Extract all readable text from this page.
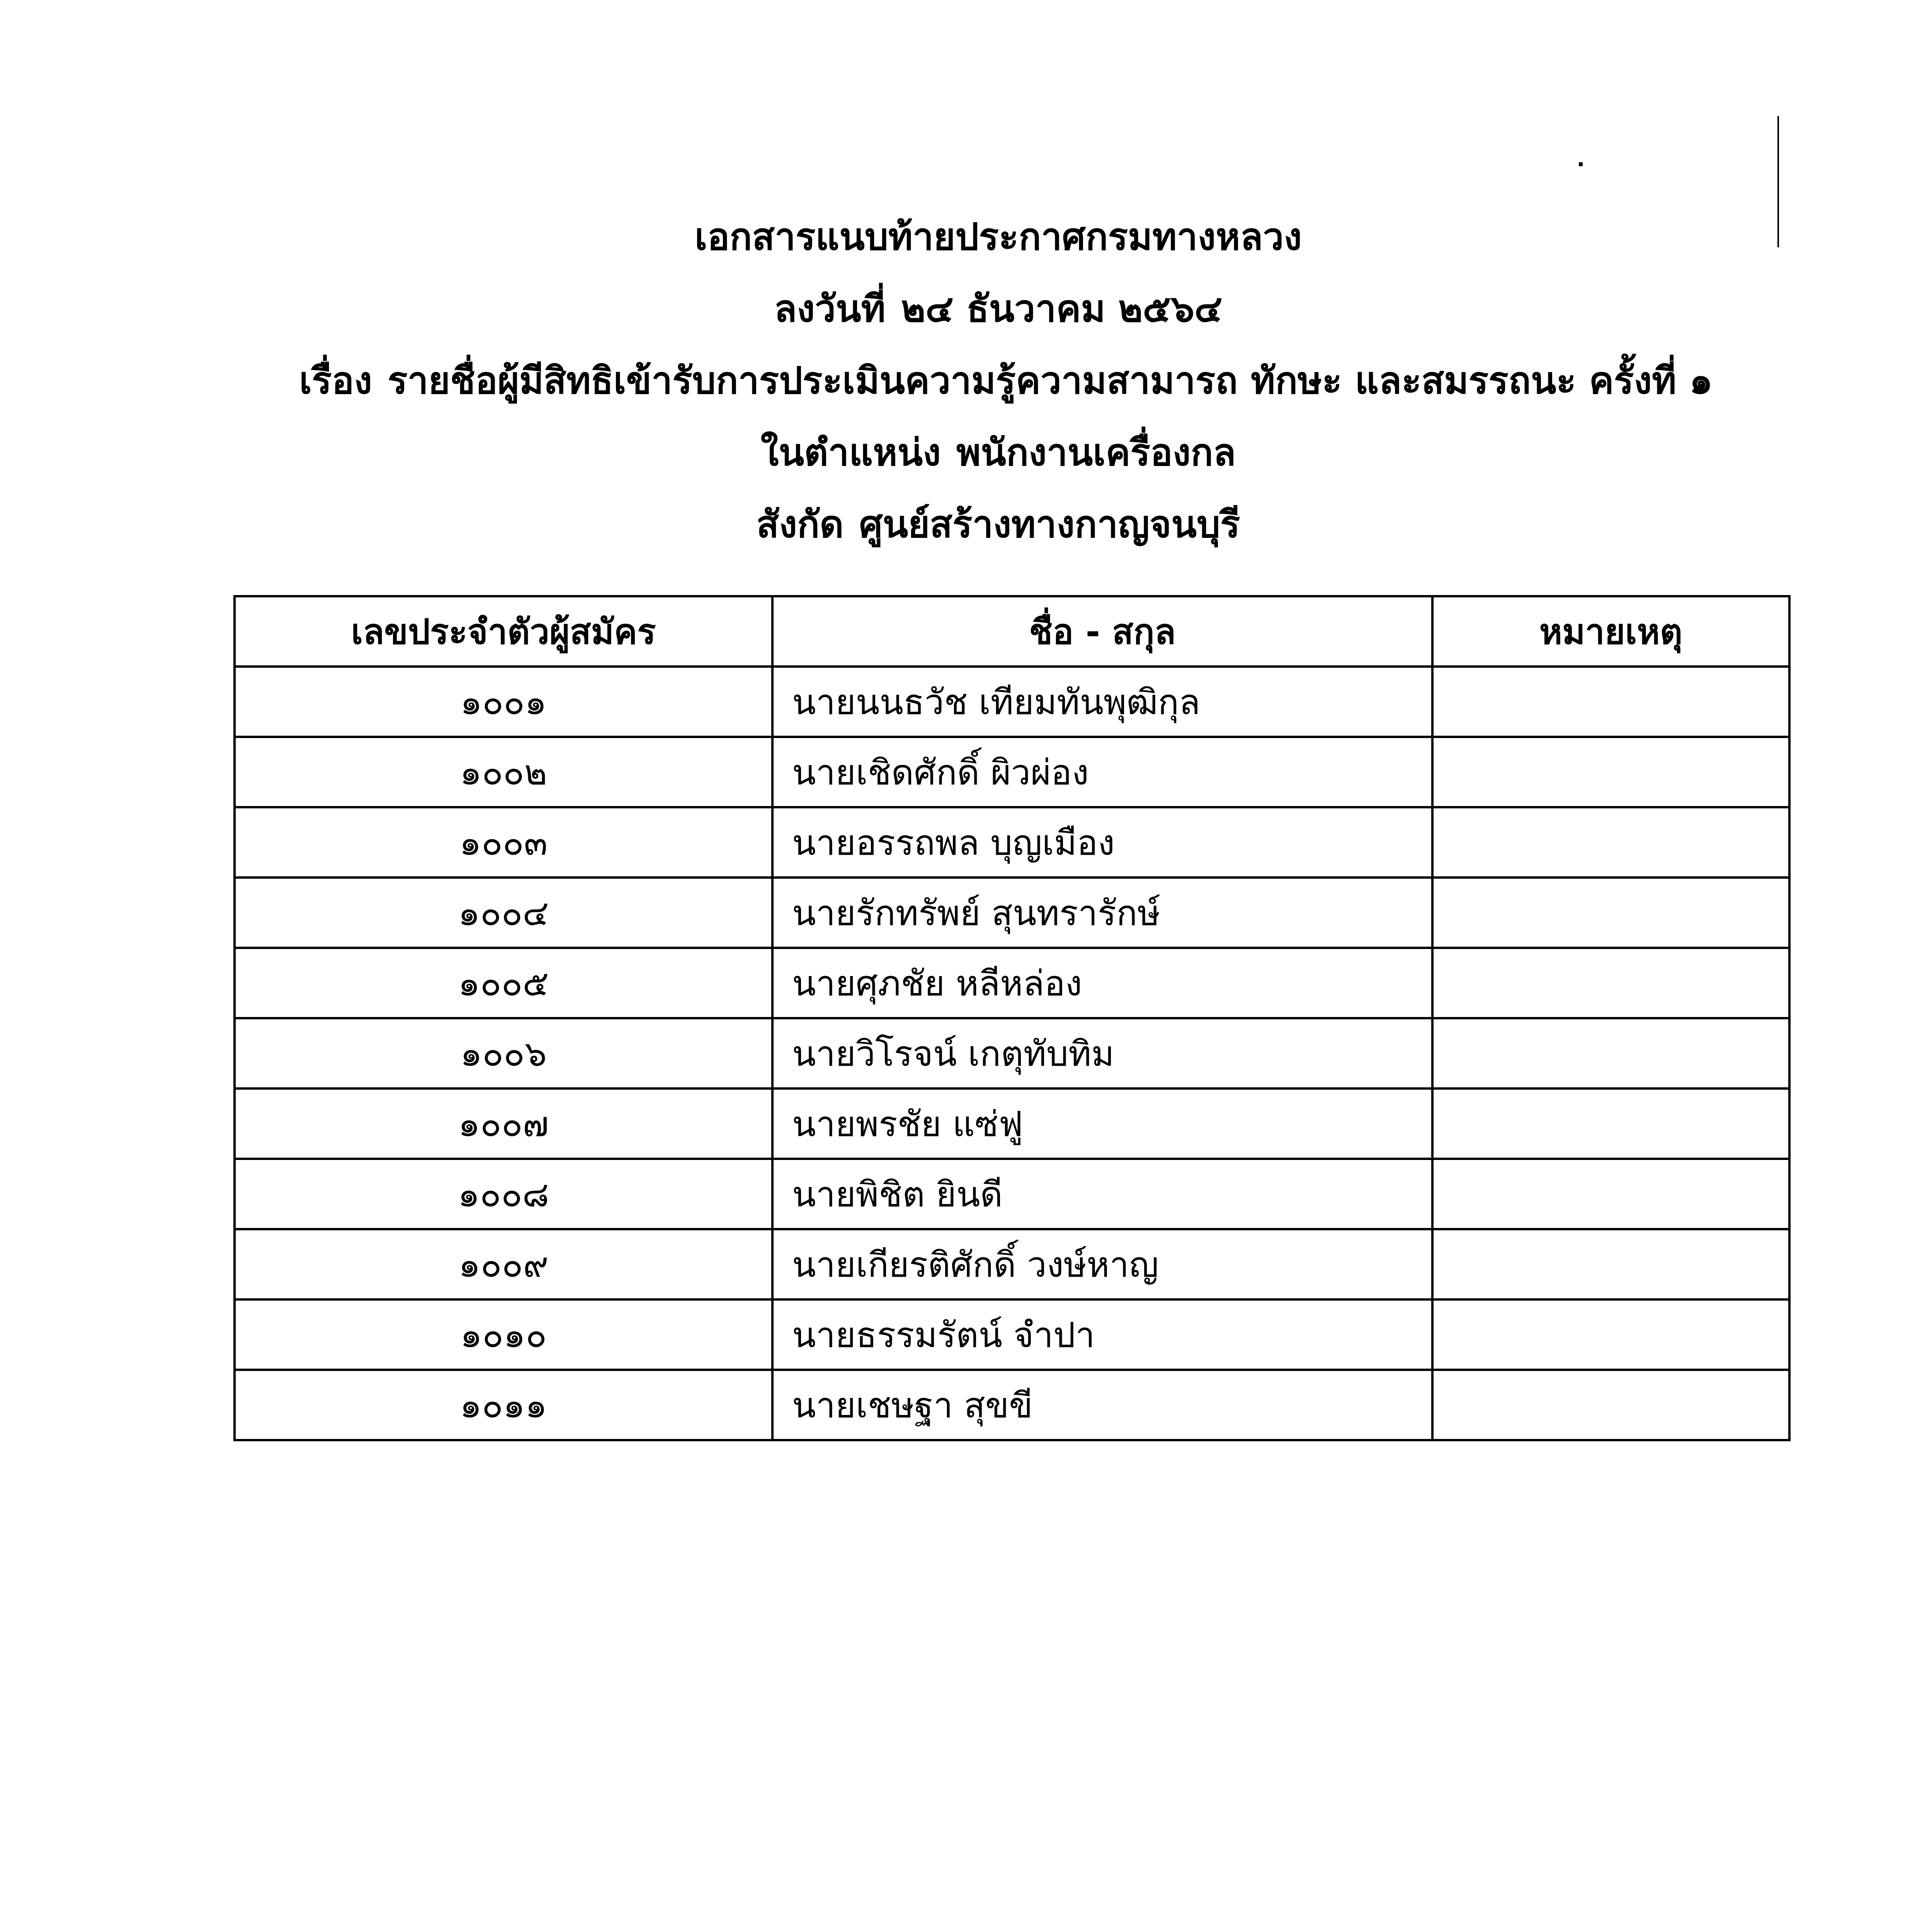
เอกสารแนบท้ายประกาศกรมทางหลวง
ลงวันที่ ๒๔ ธันวาคม ๒๕๖๔
เรื่อง รายชื่อผู้มีสิทธิเข้ารับการประเมินความรู้ความสามารถ ทักษะ และสมรรถนะ ครั้งที่ ๑
ในตำแหน่ง พนักงานเครื่องกล
สังกัด ศูนย์สร้างทางกาญจนบุรี
เลขประจำตัวผู้สมัคร	ชื่อ - สกุล	หมายเหตุ
๑๐๐๑	นายนนธวัช เทียมทันพุฒิกุล	
๑๐๐๒	นายเชิดศักดิ์ ผิวผ่อง	
๑๐๐๓	นายอรรถพล บุญเมือง	
๑๐๐๔	นายรักทรัพย์ สุนทรารักษ์	
๑๐๐๕	นายศุภชัย หลีหล่อง	
๑๐๐๖	นายวิโรจน์ เกตุทับทิม	
๑๐๐๗	นายพรชัย แซ่ฟู	
๑๐๐๘	นายพิชิต ยินดี	
๑๐๐๙	นายเกียรติศักดิ์ วงษ์หาญ	
๑๐๑๐	นายธรรมรัตน์ จำปา	
๑๐๑๑	นายเชษฐา สุขขี	
